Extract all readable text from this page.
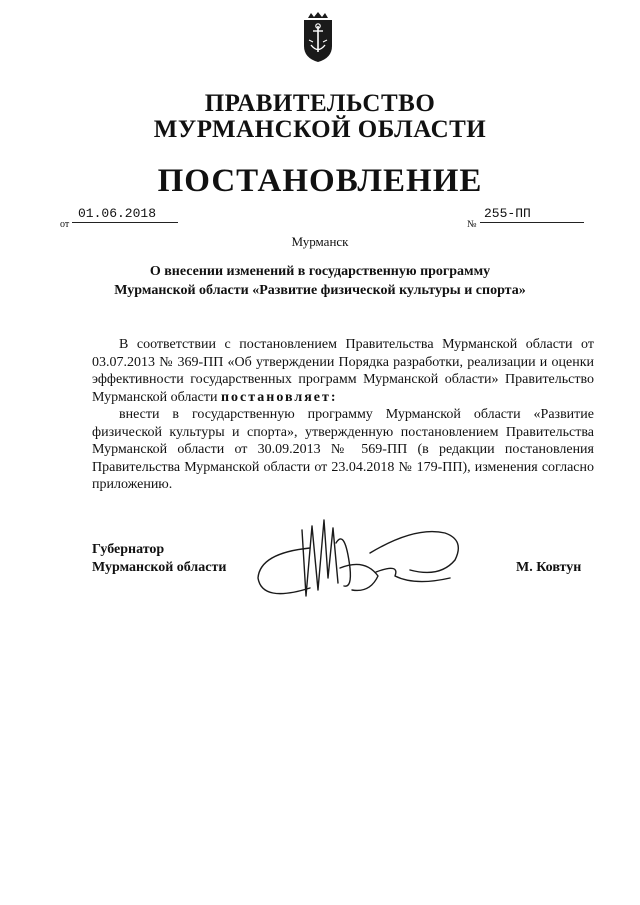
ПРАВИТЕЛЬСТВО
МУРМАНСКОЙ ОБЛАСТИ
ПОСТАНОВЛЕНИЕ
от
01.06.2018
№
255-ПП
Мурманск
О внесении изменений в государственную программу
Мурманской области «Развитие физической культуры и спорта»

В соответствии с постановлением Правительства Мурманской области от 03.07.2013 № 369-ПП «Об утверждении Порядка разработки, реализации и оценки эффективности государственных программ Мурманской области» Правительство Мурманской области постановляет:

внести в государственную программу Мурманской области «Развитие физической культуры и спорта», утвержденную постановлением Правительства Мурманской области от 30.09.2013 № 569-ПП (в редакции постановления Правительства Мурманской области от 23.04.2018 № 179-ПП), изменения согласно приложению.

Губернатор
Мурманской области	М. Ковтун
